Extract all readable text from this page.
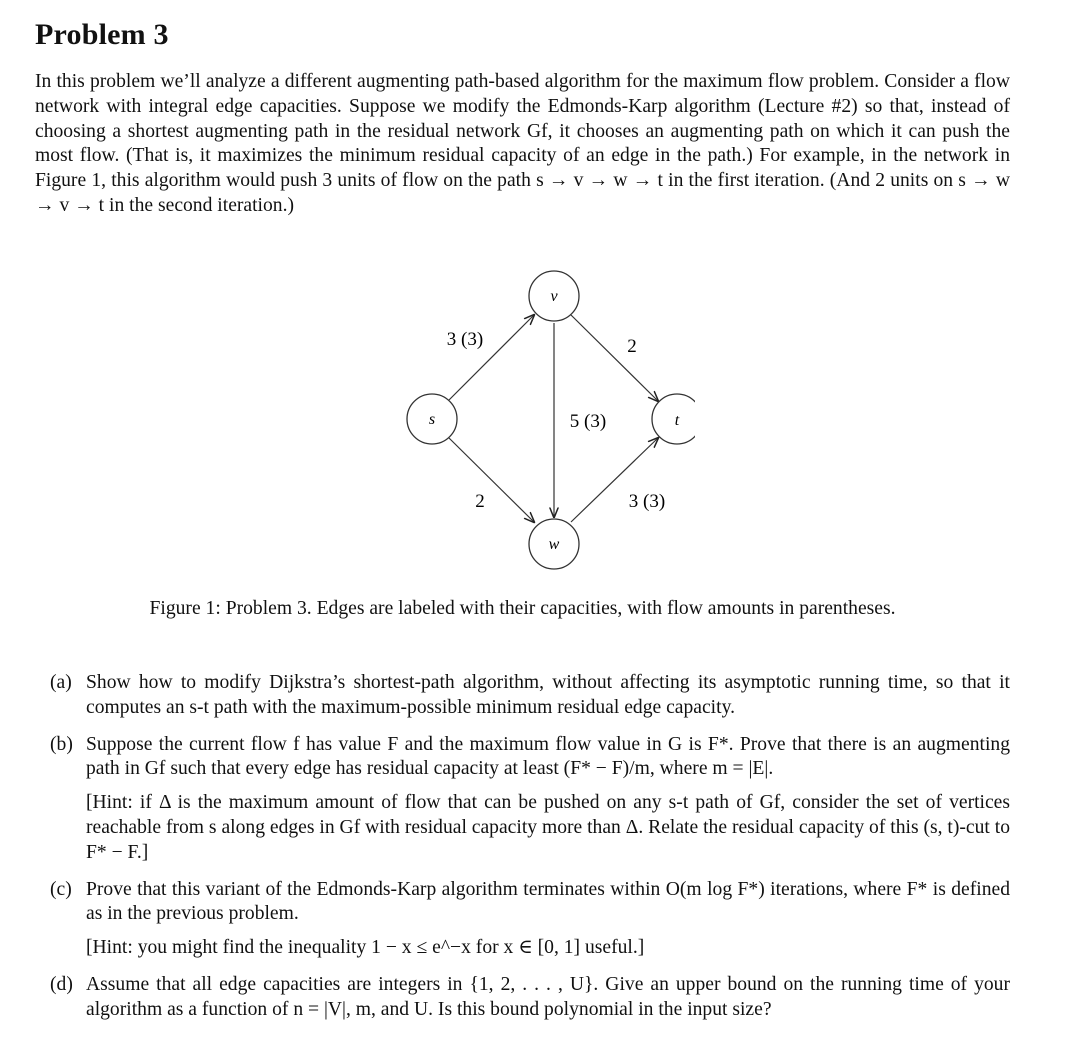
Problem 3
In this problem we’ll analyze a different augmenting path-based algorithm for the maximum flow problem. Consider a flow network with integral edge capacities. Suppose we modify the Edmonds-Karp algorithm (Lecture #2) so that, instead of choosing a shortest augmenting path in the residual network Gf, it chooses an augmenting path on which it can push the most flow. (That is, it maximizes the minimum residual capacity of an edge in the path.) For example, in the network in Figure 1, this algorithm would push 3 units of flow on the path s → v → w → t in the first iteration. (And 2 units on s → w → v → t in the second iteration.)
v
s	t
w
3 (3)	2
5 (3)
2	3 (3)
Figure 1: Problem 3. Edges are labeled with their capacities, with flow amounts in parentheses.
(a) Show how to modify Dijkstra’s shortest-path algorithm, without affecting its asymptotic running time, so that it computes an s-t path with the maximum-possible minimum residual edge capacity.

(b) Suppose the current flow f has value F and the maximum flow value in G is F*. Prove that there is an augmenting path in Gf such that every edge has residual capacity at least (F* − F)/m, where m = |E|.

[Hint: if Δ is the maximum amount of flow that can be pushed on any s-t path of Gf, consider the set of vertices reachable from s along edges in Gf with residual capacity more than Δ. Relate the residual capacity of this (s, t)-cut to F* − F.]

(c) Prove that this variant of the Edmonds-Karp algorithm terminates within O(m log F*) iterations, where F* is defined as in the previous problem.

[Hint: you might find the inequality 1 − x ≤ e^−x for x ∈ [0, 1] useful.]

(d) Assume that all edge capacities are integers in {1, 2, . . . , U}. Give an upper bound on the running time of your algorithm as a function of n = |V|, m, and U. Is this bound polynomial in the input size?
